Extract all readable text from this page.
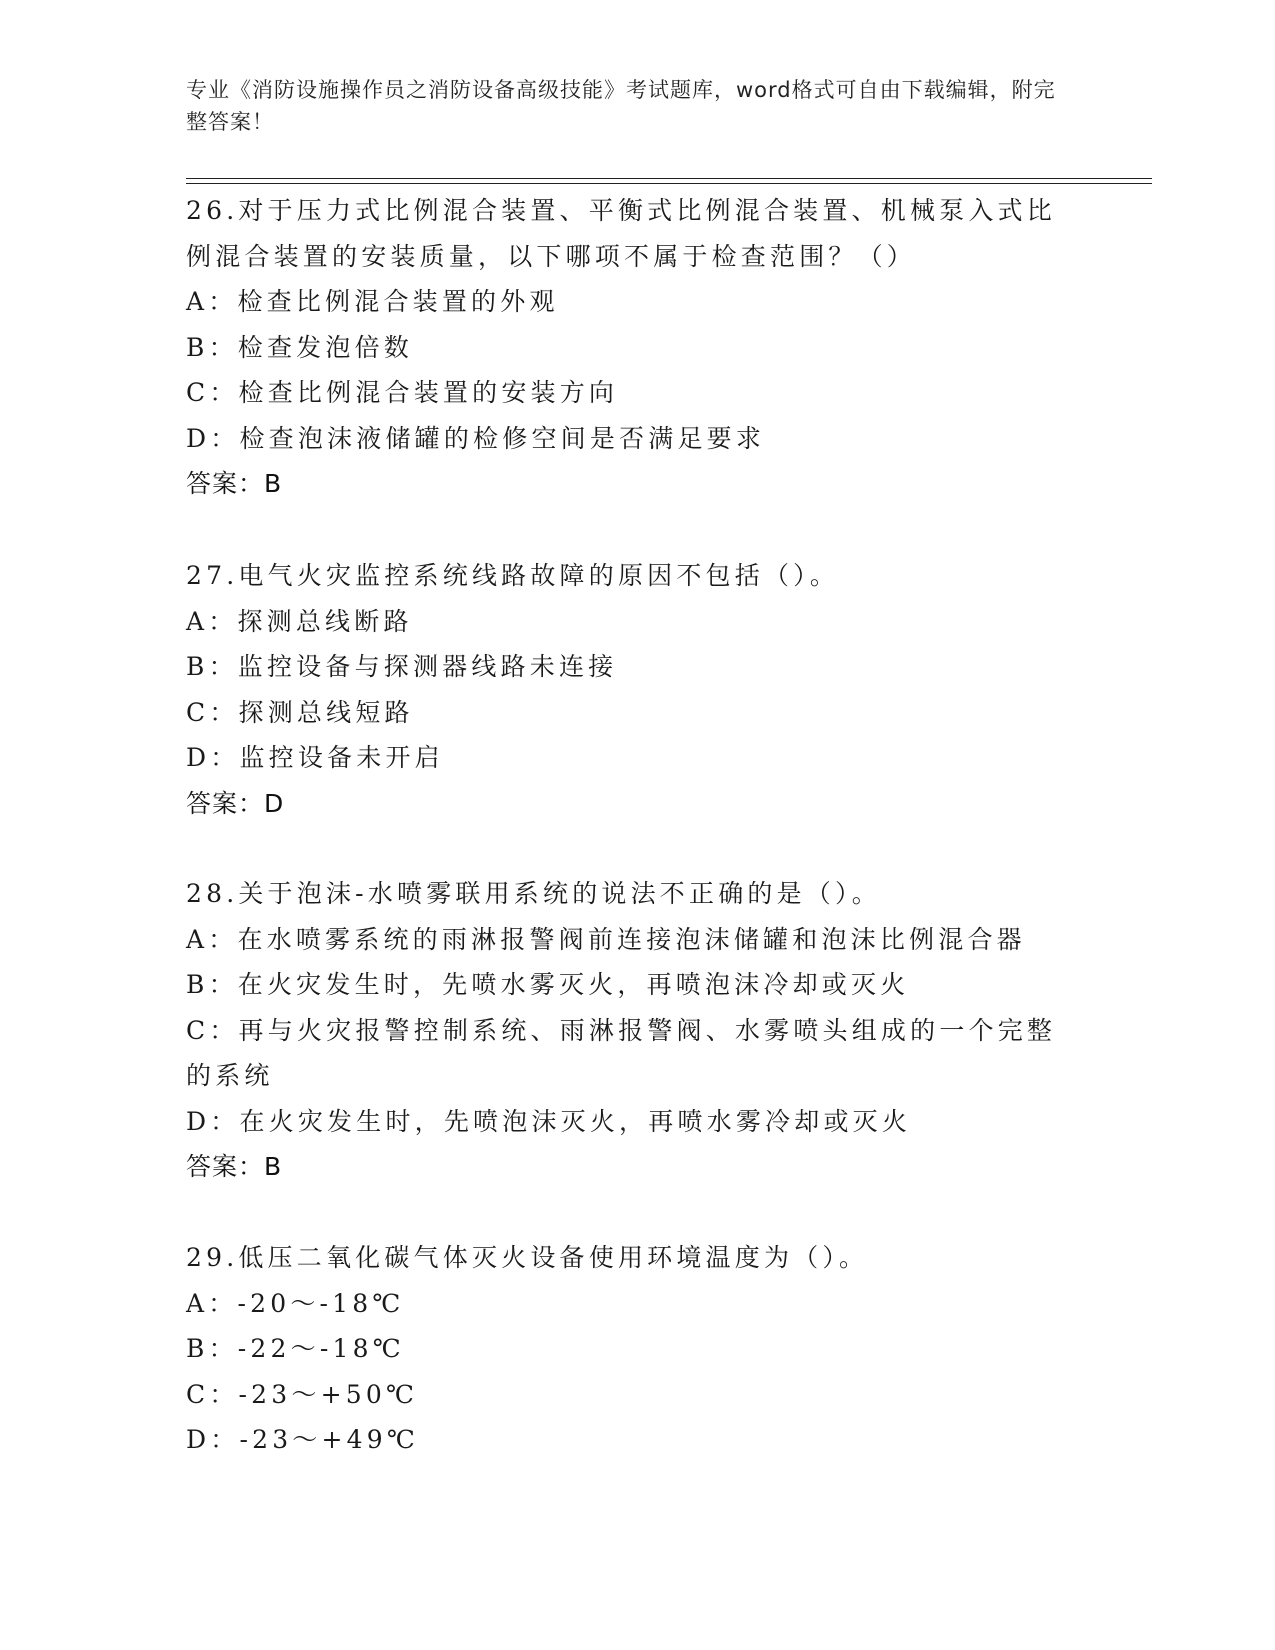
专业《消防设施操作员之消防设备高级技能》考试题库，word格式可自由下载编辑，附完整答案！
26.对于压力式比例混合装置、平衡式比例混合装置、机械泵入式比例混合装置的安装质量，以下哪项不属于检查范围？（）
A：检查比例混合装置的外观
B：检查发泡倍数
C：检查比例混合装置的安装方向
D：检查泡沫液储罐的检修空间是否满足要求
答案：B
27.电气火灾监控系统线路故障的原因不包括（）。
A：探测总线断路
B：监控设备与探测器线路未连接
C：探测总线短路
D：监控设备未开启
答案：D
28.关于泡沫-水喷雾联用系统的说法不正确的是（）。
A：在水喷雾系统的雨淋报警阀前连接泡沫储罐和泡沫比例混合器
B：在火灾发生时，先喷水雾灭火，再喷泡沫冷却或灭火
C：再与火灾报警控制系统、雨淋报警阀、水雾喷头组成的一个完整的系统
D：在火灾发生时，先喷泡沫灭火，再喷水雾冷却或灭火
答案：B
29.低压二氧化碳气体灭火设备使用环境温度为（）。
A：-20～-18℃
B：-22～-18℃
C：-23～+50℃
D：-23～+49℃
